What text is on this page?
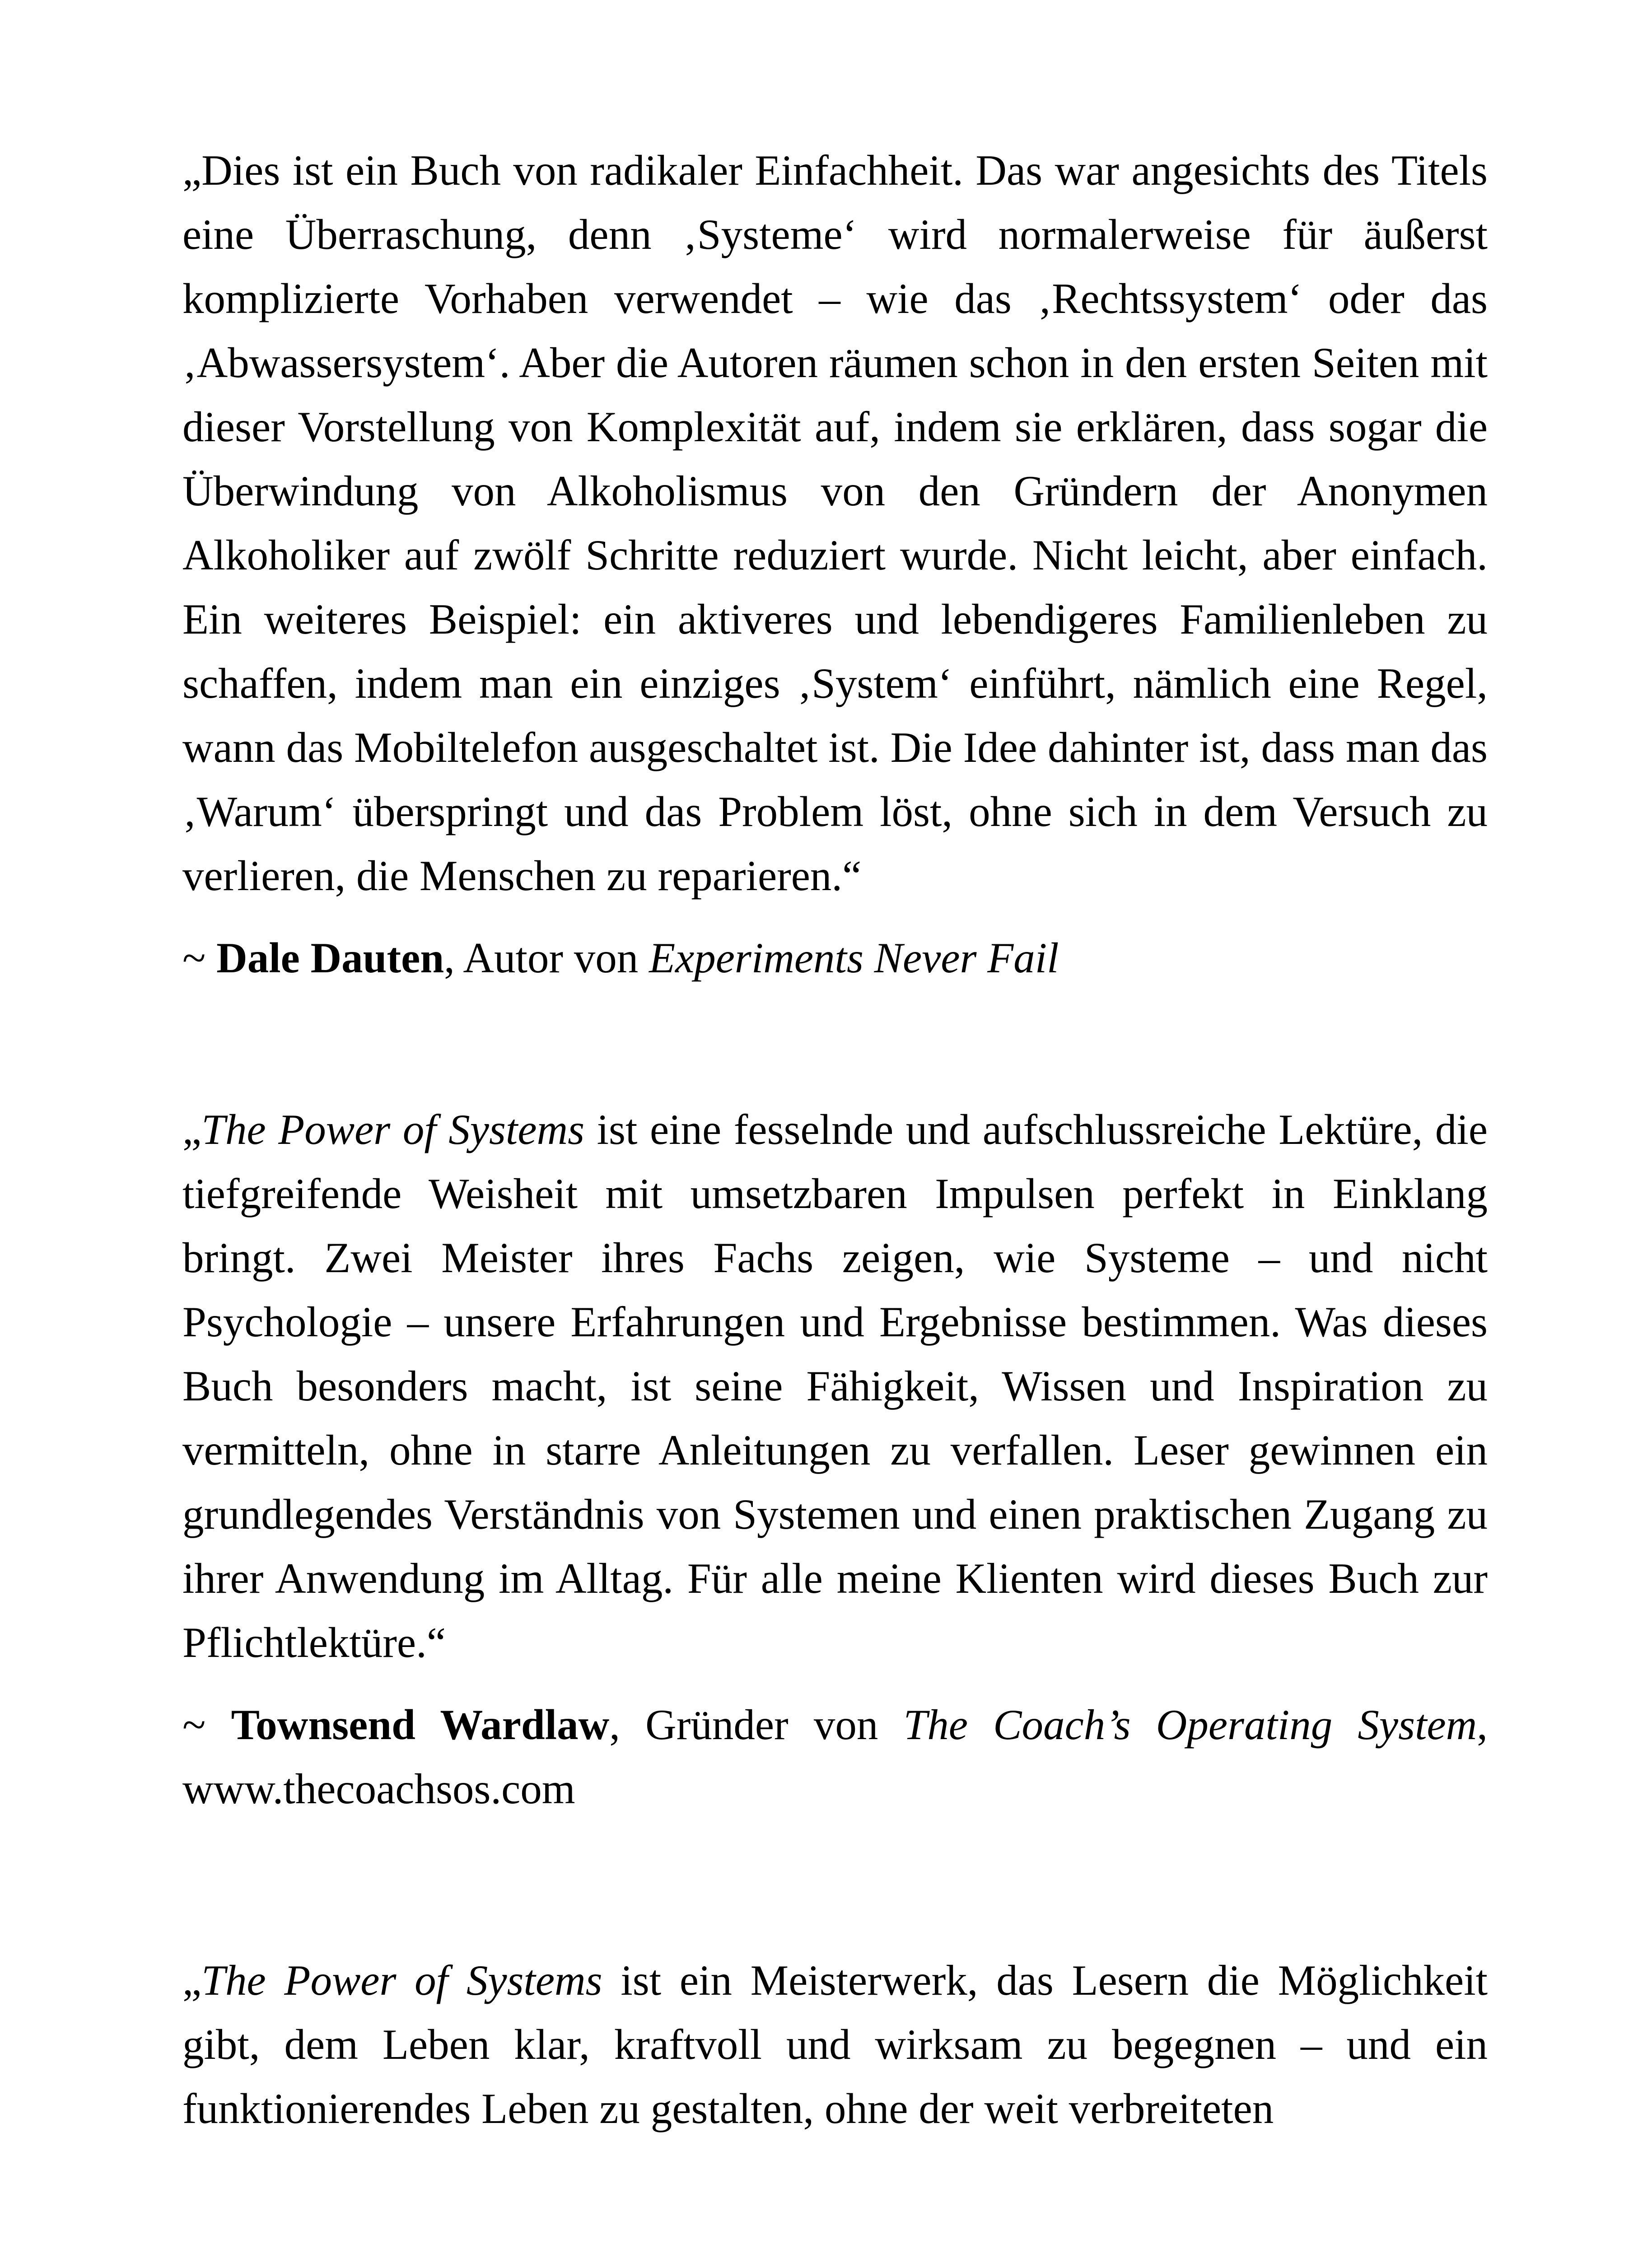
„Dies ist ein Buch von radikaler Einfachheit. Das war angesichts des Titels eine Überraschung, denn ‚Systeme‘ wird normalerweise für äußerst komplizierte Vorhaben verwendet – wie das ‚Rechtssystem‘ oder das ‚Abwassersystem‘. Aber die Autoren räumen schon in den ersten Seiten mit dieser Vorstellung von Komplexität auf, indem sie erklären, dass sogar die Überwindung von Alkoholismus von den Gründern der Anonymen Alkoholiker auf zwölf Schritte reduziert wurde. Nicht leicht, aber einfach. Ein weiteres Beispiel: ein aktiveres und lebendigeres Familienleben zu schaffen, indem man ein einziges ‚System‘ einführt, nämlich eine Regel, wann das Mobiltelefon ausgeschaltet ist. Die Idee dahinter ist, dass man das ‚Warum‘ überspringt und das Problem löst, ohne sich in dem Versuch zu verlieren, die Menschen zu reparieren.“

~ Dale Dauten, Autor von Experiments Never Fail

„The Power of Systems ist eine fesselnde und aufschlussreiche Lektüre, die tiefgreifende Weisheit mit umsetzbaren Impulsen perfekt in Einklang bringt. Zwei Meister ihres Fachs zeigen, wie Systeme – und nicht Psychologie – unsere Erfahrungen und Ergebnisse bestimmen. Was dieses Buch besonders macht, ist seine Fähigkeit, Wissen und Inspiration zu vermitteln, ohne in starre Anleitungen zu verfallen. Leser gewinnen ein grundlegendes Verständnis von Systemen und einen praktischen Zugang zu ihrer Anwendung im Alltag. Für alle meine Klienten wird dieses Buch zur Pflichtlektüre.“

~ Townsend Wardlaw, Gründer von The Coach’s Operating System, www.thecoachsos.com

„The Power of Systems ist ein Meisterwerk, das Lesern die Möglichkeit gibt, dem Leben klar, kraftvoll und wirksam zu begegnen – und ein funktionierendes Leben zu gestalten, ohne der weit verbreiteten
